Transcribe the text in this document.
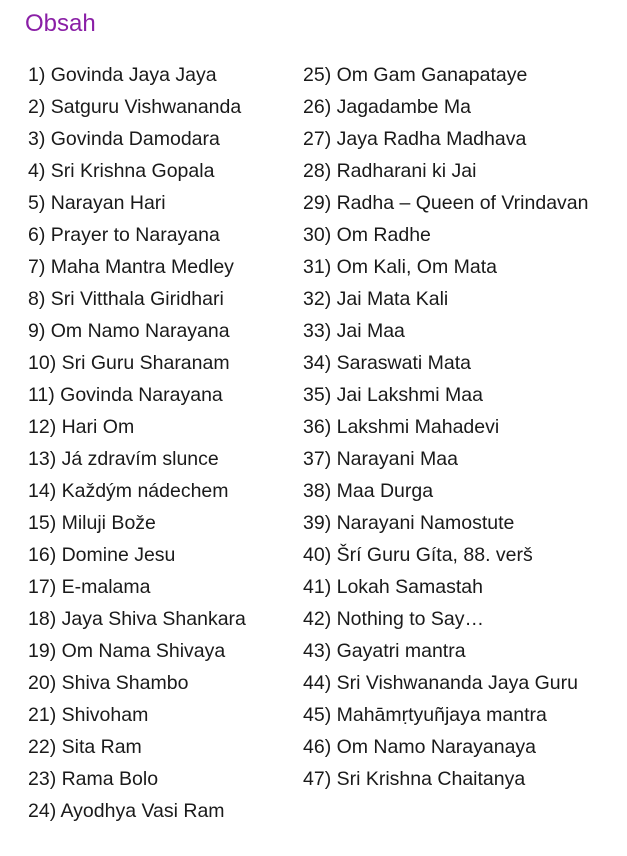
Obsah
1) Govinda Jaya Jaya
2) Satguru Vishwananda
3) Govinda Damodara
4) Sri Krishna Gopala
5) Narayan Hari
6) Prayer to Narayana
7) Maha Mantra Medley
8) Sri Vitthala Giridhari
9) Om Namo Narayana
10) Sri Guru Sharanam
11) Govinda Narayana
12) Hari Om
13) Já zdravím slunce
14) Každým nádechem
15) Miluji Bože
16) Domine Jesu
17) E-malama
18) Jaya Shiva Shankara
19) Om Nama Shivaya
20) Shiva Shambo
21) Shivoham
22) Sita Ram
23) Rama Bolo
24) Ayodhya Vasi Ram
25) Om Gam Ganapataye
26) Jagadambe Ma
27) Jaya Radha Madhava
28) Radharani ki Jai
29) Radha – Queen of Vrindavan
30) Om Radhe
31) Om Kali, Om Mata
32) Jai Mata Kali
33) Jai Maa
34) Saraswati Mata
35) Jai Lakshmi Maa
36) Lakshmi Mahadevi
37) Narayani Maa
38) Maa Durga
39) Narayani Namostute
40) Šrí Guru Gíta, 88. verš
41) Lokah Samastah
42) Nothing to Say…
43) Gayatri mantra
44) Sri Vishwananda Jaya Guru
45) Mahāmṛtyuñjaya mantra
46) Om Namo Narayanaya
47) Sri Krishna Chaitanya
